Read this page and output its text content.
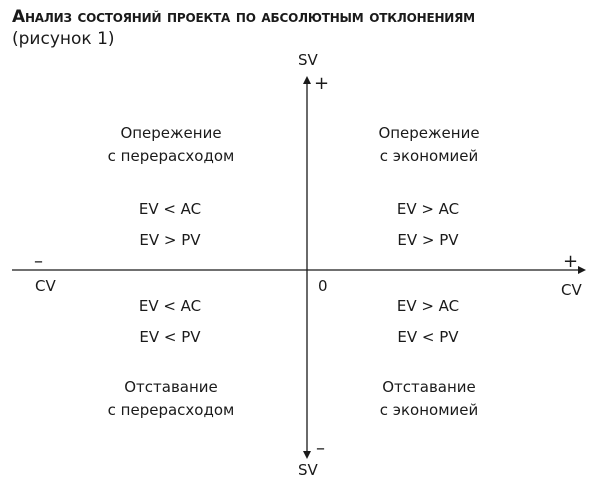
Анализ состояний проекта по абсолютным отклонениям
(рисунок 1)
SV
+
SV
–
–
CV
+
CV
0
Опережение
с перерасходом
EV < AC
EV > PV
Опережение
с экономией
EV > AC
EV > PV
EV < AC
EV < PV
Отставание
с перерасходом
EV > AC
EV < PV
Отставание
с экономией
